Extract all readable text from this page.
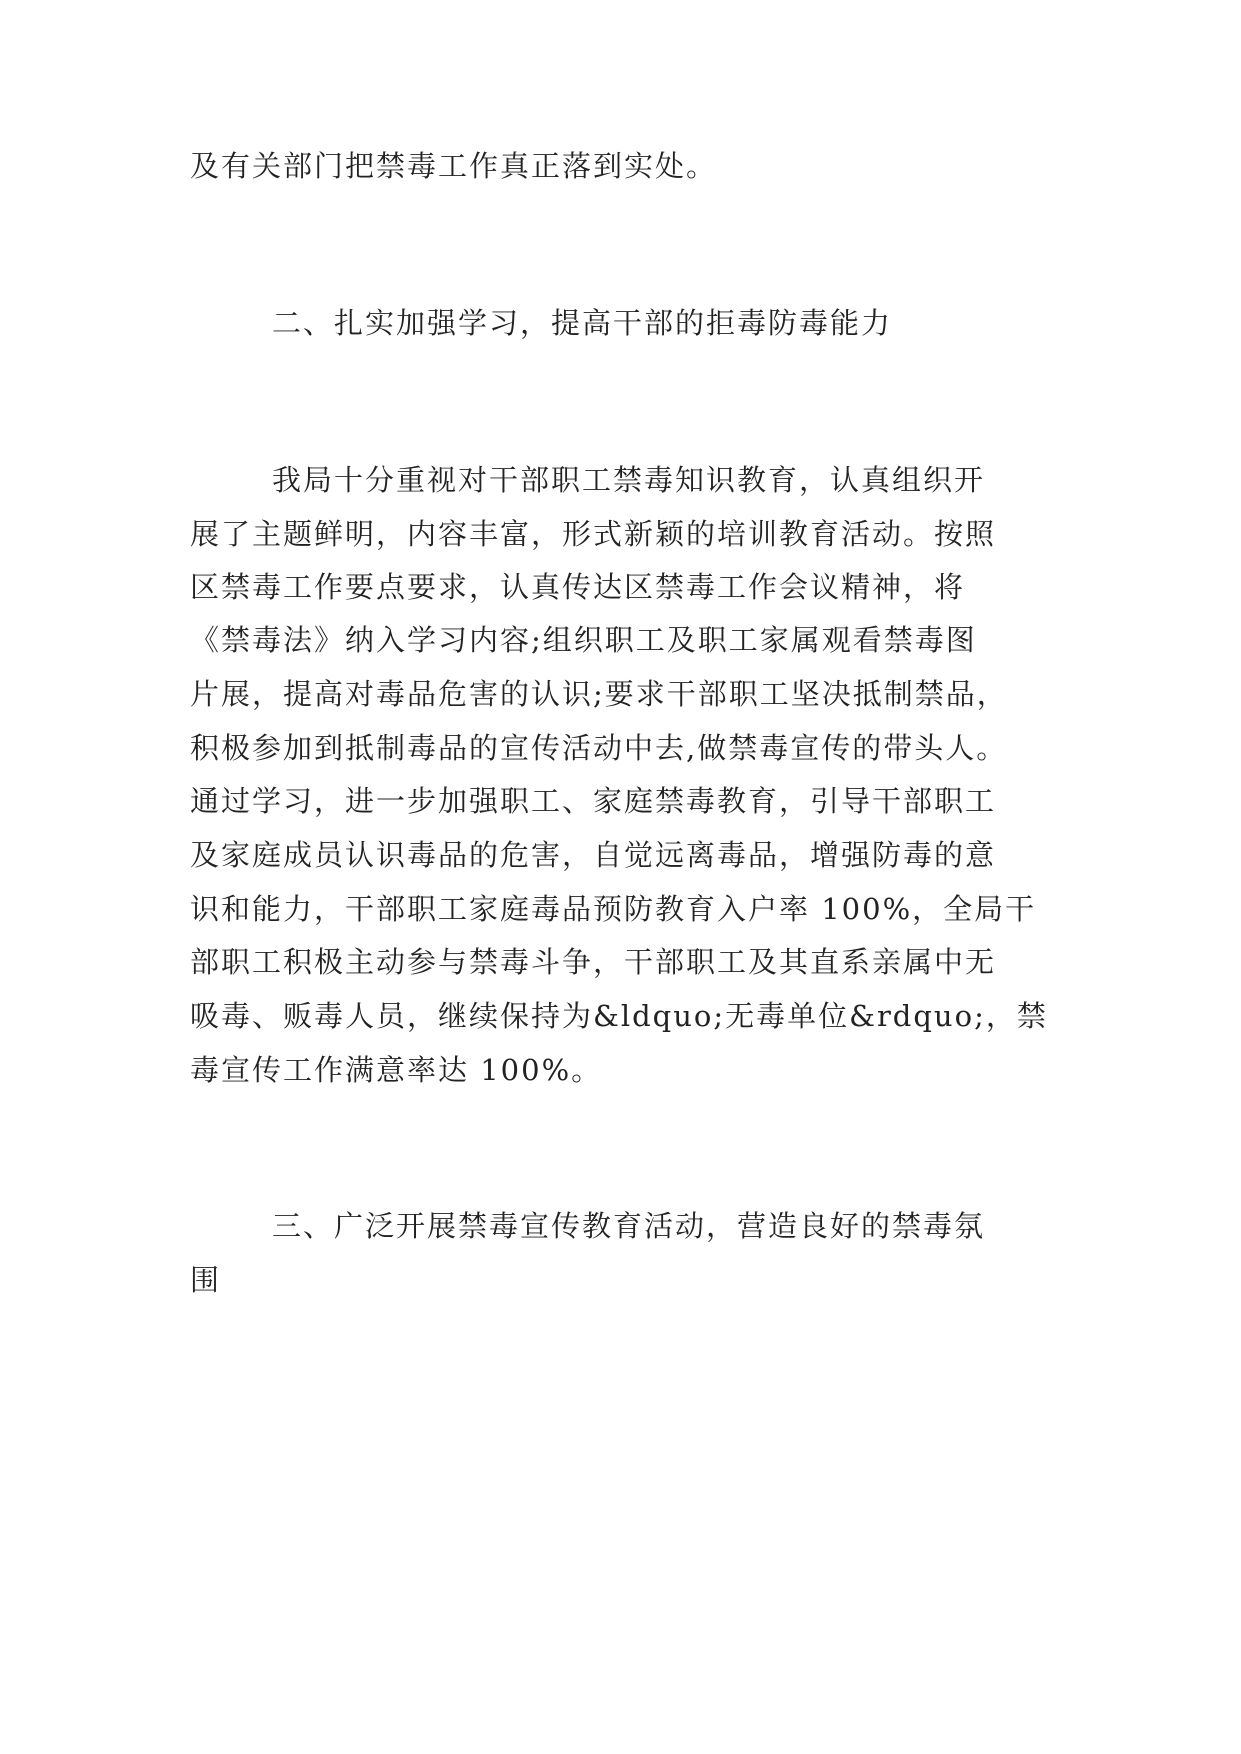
及有关部门把禁毒工作真正落到实处。

二、扎实加强学习，提高干部的拒毒防毒能力

我局十分重视对干部职工禁毒知识教育，认真组织开

展了主题鲜明，内容丰富，形式新颖的培训教育活动。按照

区禁毒工作要点要求，认真传达区禁毒工作会议精神，将

《禁毒法》纳入学习内容;组织职工及职工家属观看禁毒图

片展，提高对毒品危害的认识;要求干部职工坚决抵制禁品，

积极参加到抵制毒品的宣传活动中去,做禁毒宣传的带头人。

通过学习，进一步加强职工、家庭禁毒教育，引导干部职工

及家庭成员认识毒品的危害，自觉远离毒品，增强防毒的意

识和能力，干部职工家庭毒品预防教育入户率 100%，全局干

部职工积极主动参与禁毒斗争，干部职工及其直系亲属中无

吸毒、贩毒人员，继续保持为&ldquo;无毒单位&rdquo;，禁

毒宣传工作满意率达 100%。

三、广泛开展禁毒宣传教育活动，营造良好的禁毒氛

围
